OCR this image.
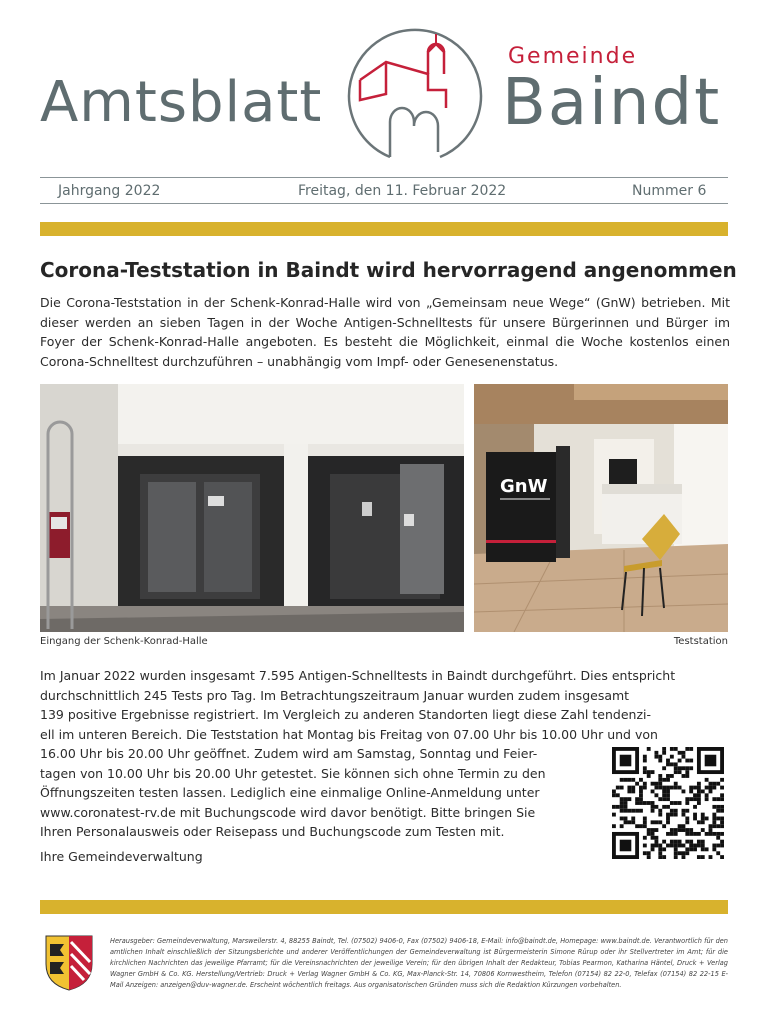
Amtsblatt
Gemeinde
Baindt
Jahrgang 2022	Freitag, den 11. Februar 2022	Nummer 6
Corona-Teststation in Baindt wird hervorragend angenommen

Die Corona-Teststation in der Schenk-Konrad-Halle wird von „Gemeinsam neue Wege“ (GnW) betrieben. Mit dieser werden an sieben Tagen in der Woche Antigen-Schnelltests für unsere Bürgerinnen und Bürger im Foyer der Schenk-Konrad-Halle angeboten. Es besteht die Möglichkeit, einmal die Woche kostenlos einen Corona-Schnelltest durchzuführen – unabhängig vom Impf- oder Genesenenstatus.

GnW
Eingang der Schenk-Konrad-Halle	Teststation
Im Januar 2022 wurden insgesamt 7.595 Antigen-Schnelltests in Baindt durchgeführt. Dies entspricht
durchschnittlich 245 Tests pro Tag. Im Betrachtungszeitraum Januar wurden zudem insgesamt
139 positive Ergebnisse registriert. Im Vergleich zu anderen Standorten liegt diese Zahl tendenzi-
ell im unteren Bereich. Die Teststation hat Montag bis Freitag von 07.00 Uhr bis 10.00 Uhr und von
16.00 Uhr bis 20.00 Uhr geöffnet. Zudem wird am Samstag, Sonntag und Feier-
tagen von 10.00 Uhr bis 20.00 Uhr getestet. Sie können sich ohne Termin zu den
Öffnungszeiten testen lassen. Lediglich eine einmalige Online-Anmeldung unter
www.coronatest-rv.de mit Buchungscode wird davor benötigt. Bitte bringen Sie
Ihren Personalausweis oder Reisepass und Buchungscode zum Testen mit.
Ihre Gemeindeverwaltung

Herausgeber: Gemeindeverwaltung, Marsweilerstr. 4, 88255 Baindt, Tel. (07502) 9406-0, Fax (07502) 9406-18, E-Mail: info@baindt.de, Homepage: www.baindt.de. Verantwortlich für den amtlichen Inhalt einschließlich der Sitzungsberichte und anderer Veröffentlichungen der Gemeindeverwaltung ist Bürgermeisterin Simone Rürup oder ihr Stellvertreter im Amt; für die kirchlichen Nachrichten das jeweilige Pfarramt; für die Vereinsnachrichten der jeweilige Verein; für den übrigen Inhalt der Redakteur, Tobias Pearmon, Katharina Häntel, Druck + Verlag Wagner GmbH & Co. KG. Herstellung/Vertrieb: Druck + Verlag Wagner GmbH & Co. KG, Max-Planck-Str. 14, 70806 Kornwestheim, Telefon (07154) 82 22-0, Telefax (07154) 82 22-15 E-Mail Anzeigen: anzeigen@duv-wagner.de. Erscheint wöchentlich freitags. Aus organisatorischen Gründen muss sich die Redaktion Kürzungen vorbehalten.
